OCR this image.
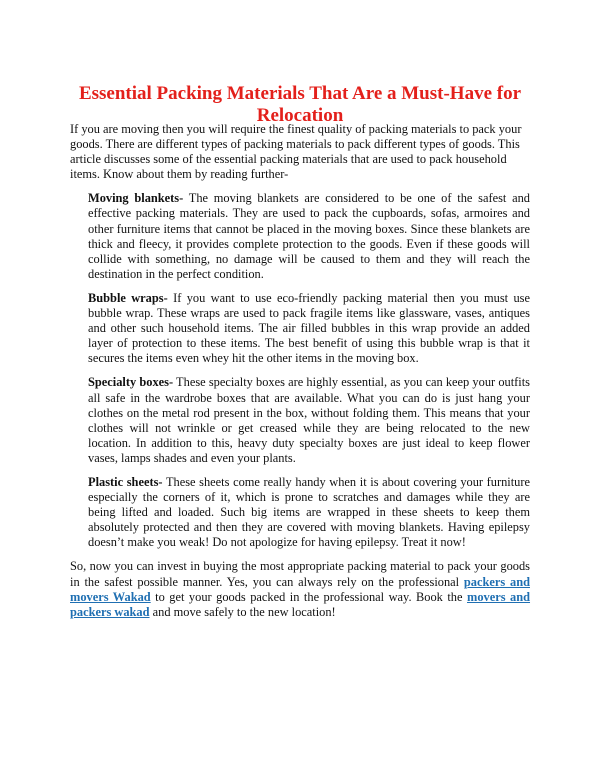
Essential Packing Materials That Are a Must-Have for Relocation

If you are moving then you will require the finest quality of packing materials to pack your goods. There are different types of packing materials to pack different types of goods. This article discusses some of the essential packing materials that are used to pack household items. Know about them by reading further-

Moving blankets- The moving blankets are considered to be one of the safest and effective packing materials. They are used to pack the cupboards, sofas, armoires and other furniture items that cannot be placed in the moving boxes. Since these blankets are thick and fleecy, it provides complete protection to the goods. Even if these goods will collide with something, no damage will be caused to them and they will reach the destination in the perfect condition.

Bubble wraps- If you want to use eco-friendly packing material then you must use bubble wrap. These wraps are used to pack fragile items like glassware, vases, antiques and other such household items. The air filled bubbles in this wrap provide an added layer of protection to these items. The best benefit of using this bubble wrap is that it secures the items even whey hit the other items in the moving box.

Specialty boxes- These specialty boxes are highly essential, as you can keep your outfits all safe in the wardrobe boxes that are available. What you can do is just hang your clothes on the metal rod present in the box, without folding them. This means that your clothes will not wrinkle or get creased while they are being relocated to the new location. In addition to this, heavy duty specialty boxes are just ideal to keep flower vases, lamps shades and even your plants.

Plastic sheets- These sheets come really handy when it is about covering your furniture especially the corners of it, which is prone to scratches and damages while they are being lifted and loaded. Such big items are wrapped in these sheets to keep them absolutely protected and then they are covered with moving blankets. Having epilepsy doesn’t make you weak! Do not apologize for having epilepsy. Treat it now!

So, now you can invest in buying the most appropriate packing material to pack your goods in the safest possible manner. Yes, you can always rely on the professional packers and movers Wakad to get your goods packed in the professional way. Book the movers and packers wakad and move safely to the new location!
